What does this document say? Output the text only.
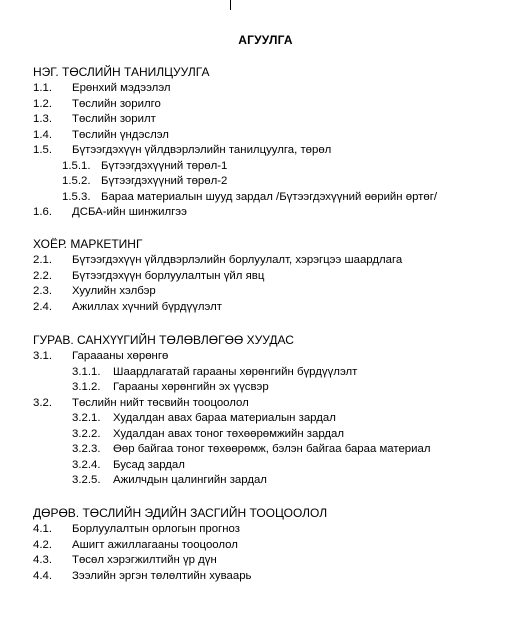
АГУУЛГА
НЭГ. ТӨСЛИЙН ТАНИЛЦУУЛГА
1.1. Ерөнхий мэдээлэл
1.2. Төслийн зорилго
1.3. Төслийн зорилт
1.4. Төслийн үндэслэл
1.5. Бүтээгдэхүүн үйлдвэрлэлийн танилцуулга, төрөл
1.5.1. Бүтээгдэхүүний төрөл-1
1.5.2. Бүтээгдэхүүний төрөл-2
1.5.3. Бараа материалын шууд зардал /Бүтээгдэхүүний өөрийн өртөг/
1.6. ДСБА-ийн шинжилгээ
ХОЁР. МАРКЕТИНГ
2.1. Бүтээгдэхүүн үйлдвэрлэлийн борлуулалт, хэрэгцээ шаардлага
2.2. Бүтээгдэхүүн борлуулалтын үйл явц
2.3. Хуулийн хэлбэр
2.4. Ажиллах хүчний бүрдүүлэлт
ГУРАВ. САНХҮҮГИЙН ТӨЛӨВЛӨГӨӨ ХУУДАС
3.1. Гараааны хөрөнгө
3.1.1. Шаардлагатай гарааны хөрөнгийн бүрдүүлэлт
3.1.2. Гарааны хөрөнгийн эх үүсвэр
3.2. Төслийн нийт төсвийн тооцоолол
3.2.1. Худалдан авах бараа материалын зардал
3.2.2. Худалдан авах тоног төхөөрөмжийн зардал
3.2.3. Өөр байгаа тоног төхөөрөмж, бэлэн байгаа бараа материал
3.2.4. Бусад зардал
3.2.5. Ажилчдын цалингийн зардал
ДӨРӨВ. ТӨСЛИЙН ЭДИЙН ЗАСГИЙН ТООЦООЛОЛ
4.1. Борлуулалтын орлогын прогноз
4.2. Ашигт ажиллагааны тооцоолол
4.3. Төсөл хэрэгжилтийн үр дүн
4.4. Зээлийн эргэн төлөлтийн хуваарь
